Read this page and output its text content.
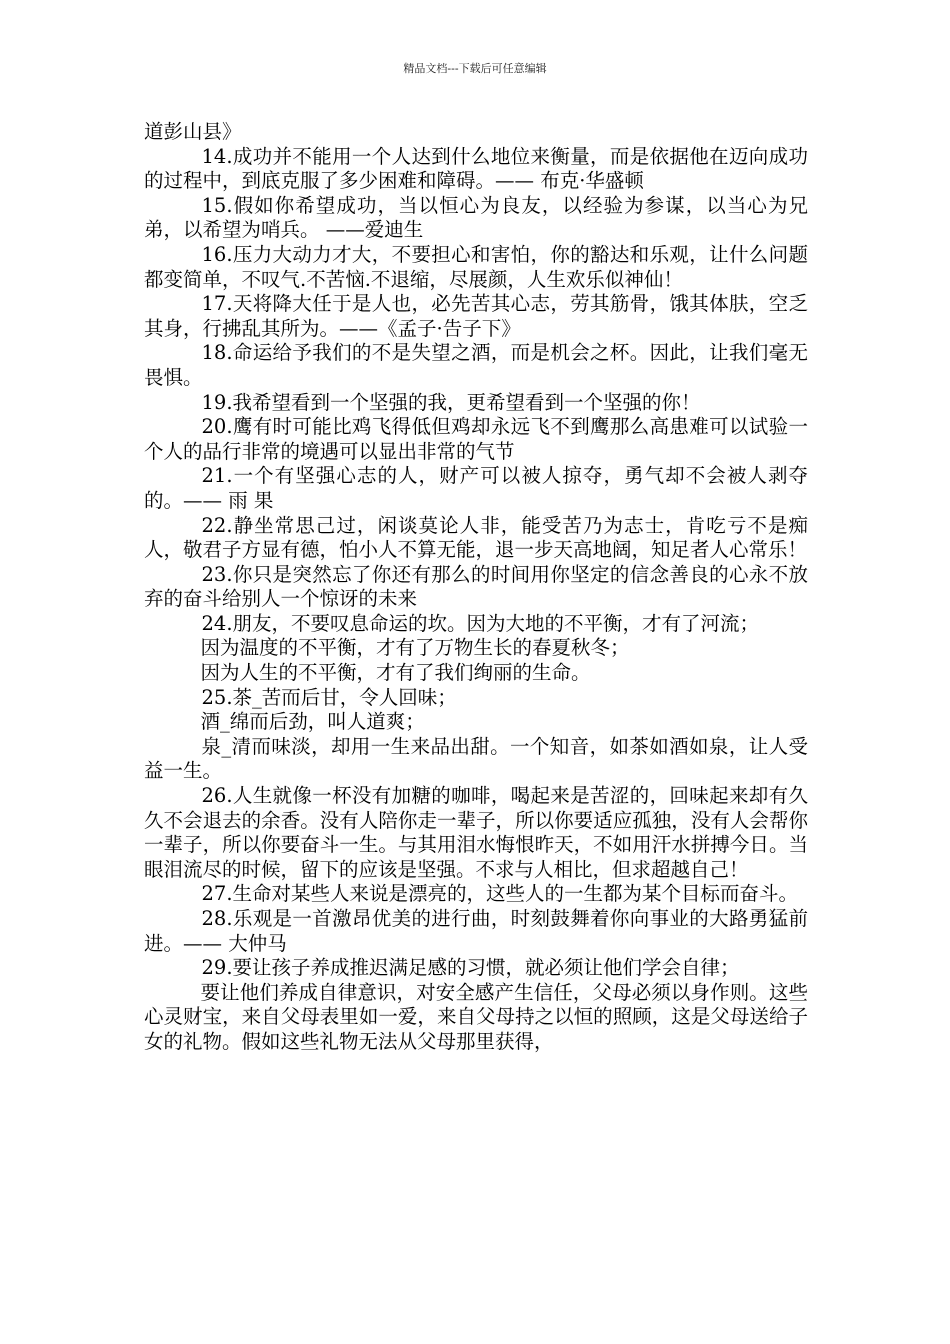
精品文档---下载后可任意编辑

道彭山县》

14.成功并不能用一个人达到什么地位来衡量，而是依据他在迈向成功 的过程中，到底克服了多少困难和障碍。—— 布克·华盛顿

15.假如你希望成功，当以恒心为良友，以经验为参谋，以当心为兄弟，以希望为哨兵。 ——爱迪生

16.压力大动力才大，不要担心和害怕，你的豁达和乐观，让什么问题都变简单，不叹气.不苦恼.不退缩，尽展颜，人生欢乐似神仙！

17.天将降大任于是人也，必先苦其心志，劳其筋骨，饿其体肤，空乏其身，行拂乱其所为。——《孟子·告子下》

18.命运给予我们的不是失望之酒，而是机会之杯。因此，让我们毫无畏惧。

19.我希望看到一个坚强的我，更希望看到一个坚强的你！

20.鹰有时可能比鸡飞得低但鸡却永远飞不到鹰那么高患难可以试验一个人的品行非常的境遇可以显出非常的气节

21.一个有坚强心志的人，财产可以被人掠夺，勇气却不会被人剥夺的。—— 雨 果

22.静坐常思己过，闲谈莫论人非，能受苦乃为志士，肯吃亏不是痴人，敬君子方显有德，怕小人不算无能，退一步天高地阔，知足者人心常乐！

23.你只是突然忘了你还有那么的时间用你坚定的信念善良的心永不放弃的奋斗给别人一个惊讶的未来

24.朋友，不要叹息命运的坎。因为大地的不平衡，才有了河流；

因为温度的不平衡，才有了万物生长的春夏秋冬；

因为人生的不平衡，才有了我们绚丽的生命。

25.茶_苦而后甘，令人回味；

酒_绵而后劲，叫人道爽；

泉_清而味淡，却用一生来品出甜。一个知音，如茶如酒如泉，让人受益一生。

26.人生就像一杯没有加糖的咖啡，喝起来是苦涩的，回味起来却有久久不会退去的余香。没有人陪你走一辈子，所以你要适应孤独，没有人会帮你一辈子，所以你要奋斗一生。与其用泪水悔恨昨天，不如用汗水拼搏今日。当眼泪流尽的时候，留下的应该是坚强。不求与人相比，但求超越自己！

27.生命对某些人来说是漂亮的，这些人的一生都为某个目标而奋斗。

28.乐观是一首激昂优美的进行曲，时刻鼓舞着你向事业的大路勇猛前进。—— 大仲马

29.要让孩子养成推迟满足感的习惯，就必须让他们学会自律；

要让他们养成自律意识，对安全感产生信任，父母必须以身作则。这些心灵财宝，来自父母表里如一爱，来自父母持之以恒的照顾，这是父母送给子女的礼物。假如这些礼物无法从父母那里获得，
